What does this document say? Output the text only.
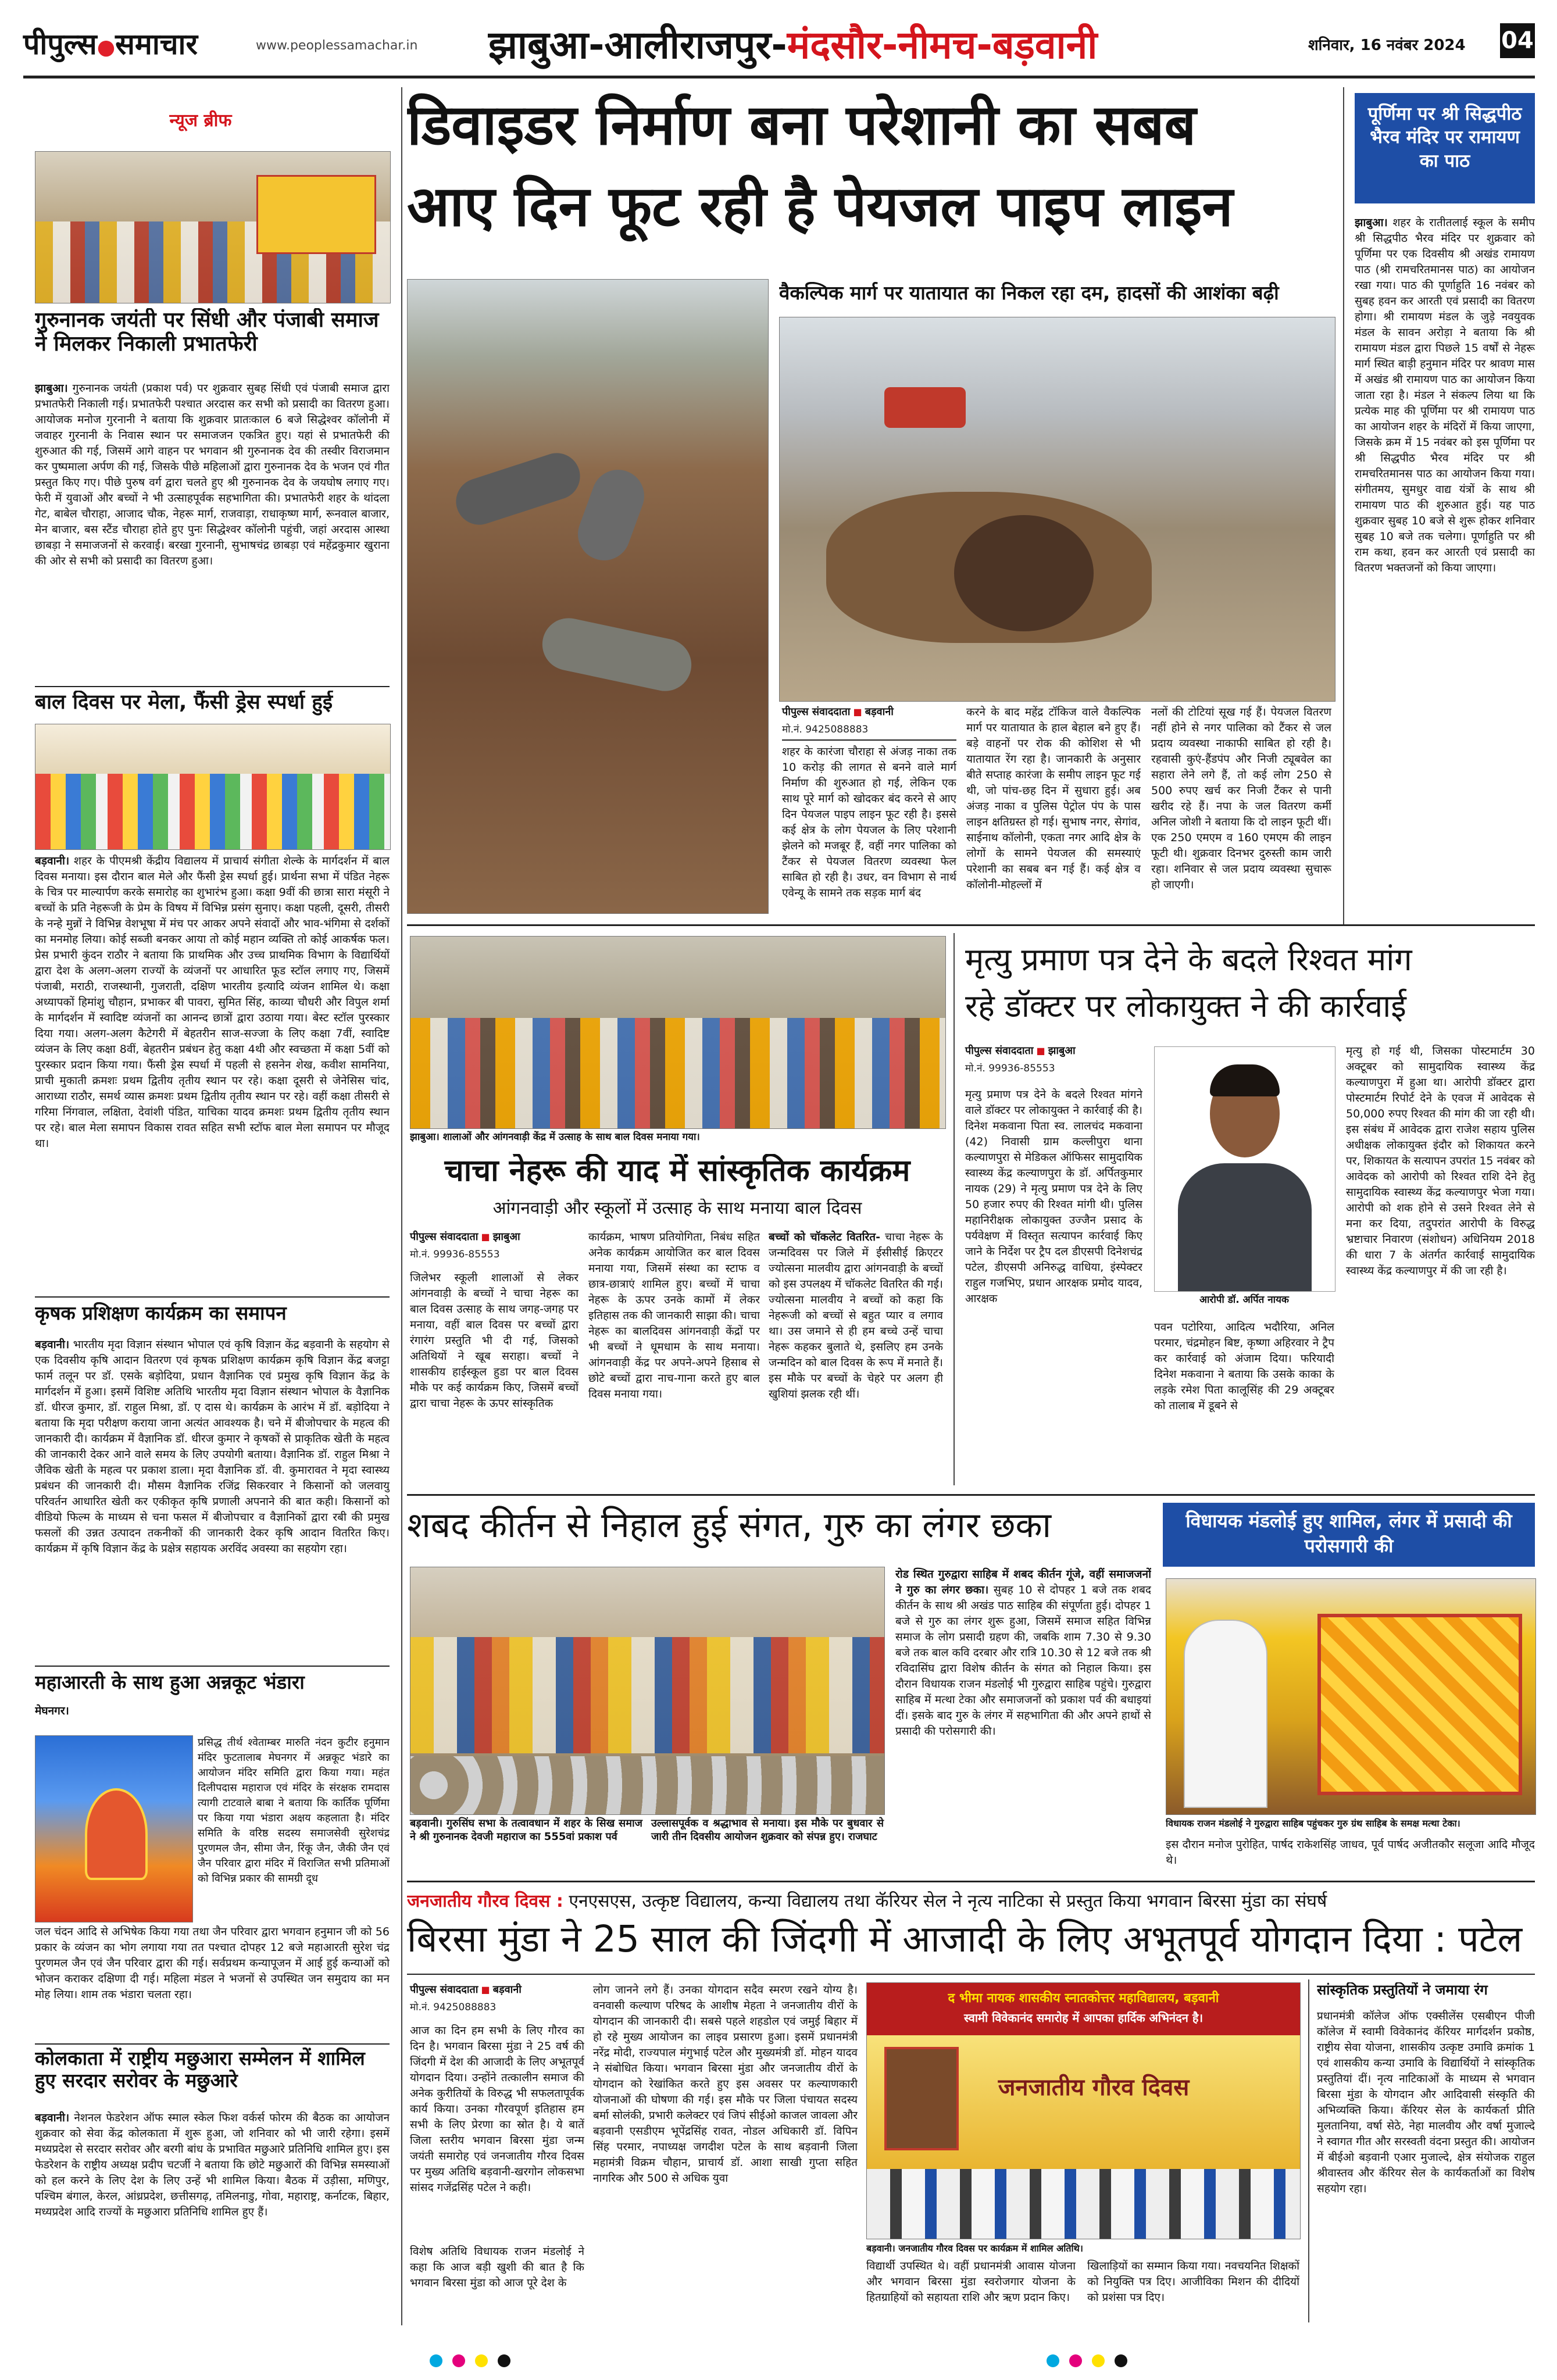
पीपुल्स●समाचार	www.peoplessamachar.in झाबुआ-आलीराजपुर-मंदसौर-नीमच-बड़वानी	शनिवार, 16 नवंबर 2024 04
न्यूज ब्रीफ
गुरुनानक जयंती पर सिंधी और पंजाबी समाज ने मिलकर निकाली प्रभातफेरी
झाबुआ। गुरुनानक जयंती (प्रकाश पर्व) पर शुक्रवार सुबह सिंधी एवं पंजाबी समाज द्वारा प्रभातफेरी निकाली गई। प्रभातफेरी पश्चात अरदास कर सभी को प्रसादी का वितरण हुआ। आयोजक मनोज गुरनानी ने बताया कि शुक्रवार प्रातःकाल 6 बजे सिद्धेश्वर कॉलोनी में जवाहर गुरनानी के निवास स्थान पर समाजजन एकत्रित हुए। यहां से प्रभातफेरी की शुरुआत की गई, जिसमें आगे वाहन पर भगवान श्री गुरुनानक देव की तस्वीर विराजमान कर पुष्पमाला अर्पण की गई, जिसके पीछे महिलाओं द्वारा गुरुनानक देव के भजन एवं गीत प्रस्तुत किए गए। पीछे पुरुष वर्ग द्वारा चलते हुए श्री गुरुनानक देव के जयघोष लगाए गए। फेरी में युवाओं और बच्चों ने भी उत्साहपूर्वक सहभागिता की। प्रभातफेरी शहर के थांदला गेट, बाबेल चौराहा, आजाद चौक, नेहरू मार्ग, राजवाड़ा, राधाकृष्ण मार्ग, रूनवाल बाजार, मेन बाजार, बस स्टैंड चौराहा होते हुए पुनः सिद्धेश्वर कॉलोनी पहुंची, जहां अरदास आस्था छाबड़ा ने समाजजनों से करवाई। बरखा गुरनानी, सुभाषचंद्र छाबड़ा एवं महेंद्रकुमार खुराना की ओर से सभी को प्रसादी का वितरण हुआ।
बाल दिवस पर मेला, फैंसी ड्रेस स्पर्धा हुई
बड़वानी। शहर के पीएमश्री केंद्रीय विद्यालय में प्राचार्य संगीता शेल्के के मार्गदर्शन में बाल दिवस मनाया। इस दौरान बाल मेले और फैंसी ड्रेस स्पर्धा हुई। प्रार्थना सभा में पंडित नेहरू के चित्र पर माल्यार्पण करके समारोह का शुभारंभ हुआ। कक्षा 9वीं की छात्रा सारा मंसूरी ने बच्चों के प्रति नेहरूजी के प्रेम के विषय में विभिन्न प्रसंग सुनाए। कक्षा पहली, दूसरी, तीसरी के नन्हे मुन्नों ने विभिन्न वेशभूषा में मंच पर आकर अपने संवादों और भाव-भंगिमा से दर्शकों का मनमोह लिया। कोई सब्जी बनकर आया तो कोई महान व्यक्ति तो कोई आकर्षक फल। प्रेस प्रभारी कुंदन राठौर ने बताया कि प्राथमिक और उच्च प्राथमिक विभाग के विद्यार्थियों द्वारा देश के अलग-अलग राज्यों के व्यंजनों पर आधारित फूड स्टॉल लगाए गए, जिसमें पंजाबी, मराठी, राजस्थानी, गुजराती, दक्षिण भारतीय इत्यादि व्यंजन शामिल थे। कक्षा अध्यापकों हिमांशु चौहान, प्रभाकर बी पावरा, सुमित सिंह, काव्या चौधरी और विपुल शर्मा के मार्गदर्शन में स्वादिष्ट व्यंजनों का आनन्द छात्रों द्वारा उठाया गया। बेस्ट स्टॉल पुरस्कार दिया गया। अलग-अलग कैटेगरी में बेहतरीन साज-सज्जा के लिए कक्षा 7वीं, स्वादिष्ट व्यंजन के लिए कक्षा 8वीं, बेहतरीन प्रबंधन हेतु कक्षा 4थी और स्वच्छता में कक्षा 5वीं को पुरस्कार प्रदान किया गया। फैंसी ड्रेस स्पर्धा में पहली से हसनेन शेख, कवीश सामनिया, प्राची मुकाती क्रमशः प्रथम द्वितीय तृतीय स्थान पर रहे। कक्षा दूसरी से जेनेसिस चांद, आराध्या राठौर, समर्थ व्यास क्रमशः प्रथम द्वितीय तृतीय स्थान पर रहे। वहीं कक्षा तीसरी से गरिमा निंगवाल, लक्षिता, देवांशी पंडित, याचिका यादव क्रमशः प्रथम द्वितीय तृतीय स्थान पर रहे। बाल मेला समापन विकास रावत सहित सभी स्टॉफ बाल मेला समापन पर मौजूद था।
कृषक प्रशिक्षण कार्यक्रम का समापन
बड़वानी। भारतीय मृदा विज्ञान संस्थान भोपाल एवं कृषि विज्ञान केंद्र बड़वानी के सहयोग से एक दिवसीय कृषि आदान वितरण एवं कृषक प्रशिक्षण कार्यक्रम कृषि विज्ञान केंद्र बजट्टा फार्म तलून पर डॉ. एसके बड़ोदिया, प्रधान वैज्ञानिक एवं प्रमुख कृषि विज्ञान केंद्र के मार्गदर्शन में हुआ। इसमें विशिष्ट अतिथि भारतीय मृदा विज्ञान संस्थान भोपाल के वैज्ञानिक डॉ. धीरज कुमार, डॉ. राहुल मिश्रा, डॉ. ए दास थे। कार्यक्रम के आरंभ में डॉ. बड़ोदिया ने बताया कि मृदा परीक्षण कराया जाना अत्यंत आवश्यक है। चने में बीजोपचार के महत्व की जानकारी दी। कार्यक्रम में वैज्ञानिक डॉ. धीरज कुमार ने कृषकों से प्राकृतिक खेती के महत्व की जानकारी देकर आने वाले समय के लिए उपयोगी बताया। वैज्ञानिक डॉ. राहुल मिश्रा ने जैविक खेती के महत्व पर प्रकाश डाला। मृदा वैज्ञानिक डॉ. वी. कुमारावत ने मृदा स्वास्थ्य प्रबंधन की जानकारी दी। मौसम वैज्ञानिक रजिंद्र सिकरवार ने किसानों को जलवायु परिवर्तन आधारित खेती कर एकीकृत कृषि प्रणाली अपनाने की बात कही। किसानों को वीडियो फिल्म के माध्यम से चना फसल में बीजोपचार व वैज्ञानिकों द्वारा रबी की प्रमुख फसलों की उन्नत उत्पादन तकनीकों की जानकारी देकर कृषि आदान वितरित किए। कार्यक्रम में कृषि विज्ञान केंद्र के प्रक्षेत्र सहायक अरविंद अवस्या का सहयोग रहा।
महाआरती के साथ हुआ अन्नकूट भंडारा
मेघनगर।
प्रसिद्ध तीर्थ श्वेताम्बर मारुति नंदन कुटीर हनुमान मंदिर फुटतालाब मेघनगर में अन्नकूट भंडारे का आयोजन मंदिर समिति द्वारा किया गया। महंत दिलीपदास महाराज एवं मंदिर के संरक्षक रामदास त्यागी टाटवाले बाबा ने बताया कि कार्तिक पूर्णिमा पर किया गया भंडारा अक्षय कहलाता है। मंदिर समिति के वरिष्ठ सदस्य समाजसेवी सुरेशचंद्र पुरणमल जैन, सीमा जैन, रिंकू जैन, जैकी जैन एवं जैन परिवार द्वारा मंदिर में विराजित सभी प्रतिमाओं को विभिन्न प्रकार की सामग्री दूध
जल चंदन आदि से अभिषेक किया गया तथा जैन परिवार द्वारा भगवान हनुमान जी को 56 प्रकार के व्यंजन का भोग लगाया गया तत पश्चात दोपहर 12 बजे महाआरती सुरेश चंद्र पुरणमल जैन एवं जैन परिवार द्वारा की गई। सर्वप्रथम कन्यापूजन में आई हुई कन्याओं को भोजन कराकर दक्षिणा दी गई। महिला मंडल ने भजनों से उपस्थित जन समुदाय का मन मोह लिया। शाम तक भंडारा चलता रहा।
कोलकाता में राष्ट्रीय मछुआरा सम्मेलन में शामिल हुए सरदार सरोवर के मछुआरे
बड़वानी। नेशनल फेडरेशन ऑफ स्माल स्केल फिश वर्कर्स फोरम की बैठक का आयोजन शुक्रवार को सेवा केंद्र कोलकाता में शुरू हुआ, जो शनिवार को भी जारी रहेगा। इसमें मध्यप्रदेश से सरदार सरोवर और बरगी बांध के प्रभावित मछुआरे प्रतिनिधि शामिल हुए। इस फेडरेशन के राष्ट्रीय अध्यक्ष प्रदीप चटर्जी ने बताया कि छोटे मछुआरों की विभिन्न समस्याओं को हल करने के लिए देश के लिए उन्हें भी शामिल किया। बैठक में उड़ीसा, मणिपुर, पश्चिम बंगाल, केरल, आंध्रप्रदेश, छत्तीसगढ़, तमिलनाडु, गोवा, महाराष्ट्र, कर्नाटक, बिहार, मध्यप्रदेश आदि राज्यों के मछुआरा प्रतिनिधि शामिल हुए हैं।
डिवाइडर निर्माण बना परेशानी का सबब
आए दिन फूट रही है पेयजल पाइप लाइन
वैकल्पिक मार्ग पर यातायात का निकल रहा दम, हादसों की आशंका बढ़ी
पीपुल्स संवाददाता ■ बड़वानी
मो.नं. 9425088883
शहर के कारंजा चौराहा से अंजड़ नाका तक 10 करोड़ की लागत से बनने वाले मार्ग निर्माण की शुरुआत हो गई, लेकिन एक साथ पूरे मार्ग को खोदकर बंद करने से आए दिन पेयजल पाइप लाइन फूट रही है। इससे कई क्षेत्र के लोग पेयजल के लिए परेशानी झेलने को मजबूर हैं, वहीं नगर पालिका को टैंकर से पेयजल वितरण व्यवस्था फेल साबित हो रही है। उधर, वन विभाग से नार्थ एवेन्यू के सामने तक सड़क मार्ग बंद
करने के बाद महेंद्र टॉकिज वाले वैकल्पिक मार्ग पर यातायात के हाल बेहाल बने हुए हैं। बड़े वाहनों पर रोक की कोशिश से भी यातायात रेंग रहा है। जानकारी के अनुसार बीते सप्ताह कारंजा के समीप लाइन फूट गई थी, जो पांच-छह दिन में सुधारा हुई। अब अंजड़ नाका व पुलिस पेट्रोल पंप के पास लाइन क्षतिग्रस्त हो गई। सुभाष नगर, सेगांव, साईनाथ कॉलोनी, एकता नगर आदि क्षेत्र के लोगों के सामने पेयजल की समस्याएं परेशानी का सबब बन गई हैं। कई क्षेत्र व कॉलोनी-मोहल्लों में
नलों की टोटियां सूख गई हैं। पेयजल वितरण नहीं होने से नगर पालिका को टैंकर से जल प्रदाय व्यवस्था नाकाफी साबित हो रही है। रहवासी कुएं-हैंडपंप और निजी ट्यूबवेल का सहारा लेने लगे हैं, तो कई लोग 250 से 500 रुपए खर्च कर निजी टैंकर से पानी खरीद रहे हैं। नपा के जल वितरण कर्मी अनिल जोशी ने बताया कि दो लाइन फूटी थीं। एक 250 एमएम व 160 एमएम की लाइन फूटी थी। शुक्रवार दिनभर दुरुस्ती काम जारी रहा। शनिवार से जल प्रदाय व्यवस्था सुचारू हो जाएगी।
पूर्णिमा पर श्री सिद्धपीठ भैरव मंदिर पर रामायण का पाठ
झाबुआ। शहर के रातीतलाई स्कूल के समीप श्री सिद्धपीठ भैरव मंदिर पर शुक्रवार को पूर्णिमा पर एक दिवसीय श्री अखंड रामायण पाठ (श्री रामचरितमानस पाठ) का आयोजन रखा गया। पाठ की पूर्णाहुति 16 नवंबर को सुबह हवन कर आरती एवं प्रसादी का वितरण होगा। श्री रामायण मंडल के जुड़े नवयुवक मंडल के सावन अरोड़ा ने बताया कि श्री रामायण मंडल द्वारा पिछले 15 वर्षों से नेहरू मार्ग स्थित बाड़ी हनुमान मंदिर पर श्रावण मास में अखंड श्री रामायण पाठ का आयोजन किया जाता रहा है। मंडल ने संकल्प लिया था कि प्रत्येक माह की पूर्णिमा पर श्री रामायण पाठ का आयोजन शहर के मंदिरों में किया जाएगा, जिसके क्रम में 15 नवंबर को इस पूर्णिमा पर श्री सिद्धपीठ भैरव मंदिर पर श्री रामचरितमानस पाठ का आयोजन किया गया। संगीतमय, सुमधुर वाद्य यंत्रों के साथ श्री रामायण पाठ की शुरुआत हुई। यह पाठ शुक्रवार सुबह 10 बजे से शुरू होकर शनिवार सुबह 10 बजे तक चलेगा। पूर्णाहुति पर श्री राम कथा, हवन कर आरती एवं प्रसादी का वितरण भक्तजनों को किया जाएगा।
झाबुआ। शालाओं और आंगनवाड़ी केंद्र में उत्साह के साथ बाल दिवस मनाया गया।
चाचा नेहरू की याद में सांस्कृतिक कार्यक्रम
आंगनवाड़ी और स्कूलों में उत्साह के साथ मनाया बाल दिवस
पीपुल्स संवाददाता ■ झाबुआ
मो.नं. 99936-85553
जिलेभर स्कूली शालाओं से लेकर आंगनवाड़ी के बच्चों ने चाचा नेहरू का बाल दिवस उत्साह के साथ जगह-जगह पर मनाया, वहीं बाल दिवस पर बच्चों द्वारा रंगारंग प्रस्तुति भी दी गई, जिसको अतिथियों ने खूब सराहा। बच्चों ने शासकीय हाईस्कूल हुडा पर बाल दिवस मौके पर कई कार्यक्रम किए, जिसमें बच्चों द्वारा चाचा नेहरू के ऊपर सांस्कृतिक
कार्यक्रम, भाषण प्रतियोगिता, निबंध सहित अनेक कार्यक्रम आयोजित कर बाल दिवस मनाया गया, जिसमें संस्था का स्टाफ व छात्र-छात्राएं शामिल हुए। बच्चों में चाचा नेहरू के ऊपर उनके कामों में लेकर इतिहास तक की जानकारी साझा की। चाचा नेहरू का बालदिवस आंगनवाड़ी केंद्रों पर भी बच्चों ने धूमधाम के साथ मनाया। आंगनवाड़ी केंद्र पर अपने-अपने हिसाब से छोटे बच्चों द्वारा नाच-गाना करते हुए बाल दिवस मनाया गया।
बच्चों को चॉकलेट वितरित- चाचा नेहरू के जन्मदिवस पर जिले में ईसीसीई क्रिएटर ज्योत्सना मालवीय द्वारा आंगनवाड़ी के बच्चों को इस उपलक्ष्य में चॉकलेट वितरित की गई। ज्योत्सना मालवीय ने बच्चों को कहा कि नेहरूजी को बच्चों से बहुत प्यार व लगाव था। उस जमाने से ही हम बच्चे उन्हें चाचा नेहरू कहकर बुलाते थे, इसलिए हम उनके जन्मदिन को बाल दिवस के रूप में मनाते हैं। इस मौके पर बच्चों के चेहरे पर अलग ही खुशियां झलक रही थीं।
मृत्यु प्रमाण पत्र देने के बदले रिश्वत मांग
रहे डॉक्टर पर लोकायुक्त ने की कार्रवाई
पीपुल्स संवाददाता ■ झाबुआ
मो.नं. 99936-85553
मृत्यु प्रमाण पत्र देने के बदले रिश्वत मांगने वाले डॉक्टर पर लोकायुक्त ने कार्रवाई की है। दिनेश मकवाना पिता स्व. लालचंद मकवाना (42) निवासी ग्राम कल्लीपुरा थाना कल्याणपुरा से मेडिकल ऑफिसर सामुदायिक स्वास्थ्य केंद्र कल्याणपुरा के डॉ. अर्पितकुमार नायक (29) ने मृत्यु प्रमाण पत्र देने के लिए 50 हजार रुपए की रिश्वत मांगी थी। पुलिस महानिरीक्षक लोकायुक्त उज्जैन प्रसाद के पर्यवेक्षण में विस्तृत सत्यापन कार्रवाई किए जाने के निर्देश पर ट्रैप दल डीएसपी दिनेशचंद्र पटेल, डीएसपी अनिरुद्ध वाधिया, इंस्पेक्टर राहुल गजभिए, प्रधान आरक्षक प्रमोद यादव, आरक्षक	आरोपी डॉ. अर्पित नायक
पवन पटोरिया, आदित्य भदौरिया, अनिल परमार, चंद्रमोहन बिष्ट, कृष्णा अहिरवार ने ट्रैप कर कार्रवाई को अंजाम दिया। फरियादी दिनेश मकवाना ने बताया कि उसके काका के लड़के रमेश पिता कालूसिंह की 29 अक्टूबर को तालाब में डूबने से
मृत्यु हो गई थी, जिसका पोस्टमार्टम 30 अक्टूबर को सामुदायिक स्वास्थ्य केंद्र कल्याणपुरा में हुआ था। आरोपी डॉक्टर द्वारा पोस्टमार्टम रिपोर्ट देने के एवज में आवेदक से 50,000 रुपए रिश्वत की मांग की जा रही थी। इस संबंध में आवेदक द्वारा राजेश सहाय पुलिस अधीक्षक लोकायुक्त इंदौर को शिकायत करने पर, शिकायत के सत्यापन उपरांत 15 नवंबर को आवेदक को आरोपी को रिश्वत राशि देने हेतु सामुदायिक स्वास्थ्य केंद्र कल्याणपुर भेजा गया। आरोपी को शक होने से उसने रिश्वत लेने से मना कर दिया, तदुपरांत आरोपी के विरुद्ध भ्रष्टाचार निवारण (संशोधन) अधिनियम 2018 की धारा 7 के अंतर्गत कार्रवाई सामुदायिक स्वास्थ्य केंद्र कल्याणपुर में की जा रही है।
शबद कीर्तन से निहाल हुई संगत, गुरु का लंगर छका	विधायक मंडलोई हुए शामिल, लंगर में प्रसादी की परोसगारी की
बड़वानी। गुरुसिंघ सभा के तत्वावधान में शहर के सिख समाज ने श्री गुरुनानक देवजी महाराज का 555वां प्रकाश पर्व
उल्लासपूर्वक व श्रद्धाभाव से मनाया। इस मौके पर बुधवार से जारी तीन दिवसीय आयोजन शुक्रवार को संपन्न हुए। राजघाट
रोड स्थित गुरुद्वारा साहिब में शबद कीर्तन गूंजे, वहीं समाजजनों ने गुरु का लंगर छका। सुबह 10 से दोपहर 1 बजे तक शबद कीर्तन के साथ श्री अखंड पाठ साहिब की संपूर्णता हुई। दोपहर 1 बजे से गुरु का लंगर शुरू हुआ, जिसमें समाज सहित विभिन्न समाज के लोग प्रसादी ग्रहण की, जबकि शाम 7.30 से 9.30 बजे तक बाल कवि दरबार और रात्रि 10.30 से 12 बजे तक श्री रविदासिंघ द्वारा विशेष कीर्तन के संगत को निहाल किया। इस दौरान विधायक राजन मंडलोई भी गुरुद्वारा साहिब पहुंचे। गुरुद्वारा साहिब में मत्था टेका और समाजजनों को प्रकाश पर्व की बधाइयां दीं। इसके बाद गुरु के लंगर में सहभागिता की और अपने हाथों से प्रसादी की परोसगारी की।
विधायक राजन मंडलोई ने गुरुद्वारा साहिब पहुंचकर गुरु ग्रंथ साहिब के समक्ष मत्था टेका।
इस दौरान मनोज पुरोहित, पार्षद राकेशसिंह जाधव, पूर्व पार्षद अजीतकौर सलूजा आदि मौजूद थे।
जनजातीय गौरव दिवस : एनएसएस, उत्कृष्ट विद्यालय, कन्या विद्यालय तथा कॅरियर सेल ने नृत्य नाटिका से प्रस्तुत किया भगवान बिरसा मुंडा का संघर्ष
बिरसा मुंडा ने 25 साल की जिंदगी में आजादी के लिए अभूतपूर्व योगदान दिया : पटेल
पीपुल्स संवाददाता ■ बड़वानी
मो.नं. 9425088883
आज का दिन हम सभी के लिए गौरव का दिन है। भगवान बिरसा मुंडा ने 25 वर्ष की जिंदगी में देश की आजादी के लिए अभूतपूर्व योगदान दिया। उन्होंने तत्कालीन समाज की अनेक कुरीतियों के विरुद्ध भी सफलतापूर्वक कार्य किया। उनका गौरवपूर्ण इतिहास हम सभी के लिए प्रेरणा का स्रोत है। ये बातें जिला स्तरीय भगवान बिरसा मुंडा जन्म जयंती समारोह एवं जनजातीय गौरव दिवस पर मुख्य अतिथि बड़वानी-खरगोन लोकसभा सांसद गजेंद्रसिंह पटेल ने कही।
विशेष अतिथि विधायक राजन मंडलोई ने कहा कि आज बड़ी खुशी की बात है कि भगवान बिरसा मुंडा को आज पूरे देश के
लोग जानने लगे हैं। उनका योगदान सदैव स्मरण रखने योग्य है। वनवासी कल्याण परिषद के आशीष मेहता ने जनजातीय वीरों के योगदान की जानकारी दी। सबसे पहले शहडोल एवं जमुई बिहार में हो रहे मुख्य आयोजन का लाइव प्रसारण हुआ। इसमें प्रधानमंत्री नरेंद्र मोदी, राज्यपाल मंगुभाई पटेल और मुख्यमंत्री डॉ. मोहन यादव ने संबोधित किया। भगवान बिरसा मुंडा और जनजातीय वीरों के योगदान को रेखांकित करते हुए इस अवसर पर कल्याणकारी योजनाओं की घोषणा की गई। इस मौके पर जिला पंचायत सदस्य बर्मा सोलंकी, प्रभारी कलेक्टर एवं जिपं सीईओ काजल जावला और बड़वानी एसडीएम भूपेंद्रसिंह रावत, नोडल अधिकारी डॉ. विपिन सिंह परमार, नपाध्यक्ष जगदीश पटेल के साथ बड़वानी जिला महामंत्री विक्रम चौहान, प्राचार्य डॉ. आशा साखी गुप्ता सहित नागरिक और 500 से अधिक युवा
द भीमा नायक शासकीय स्नातकोत्तर महाविद्यालय, बड़वानी
स्वामी विवेकानंद समारोह में आपका हार्दिक अभिनंदन है।
जनजातीय गौरव दिवस
बड़वानी। जनजातीय गौरव दिवस पर कार्यक्रम में शामिल अतिथि।
विद्यार्थी उपस्थित थे। वहीं प्रधानमंत्री आवास योजना और भगवान बिरसा मुंडा स्वरोजगार योजना के हितग्राहियों को सहायता राशि और ऋण प्रदान किए।
खिलाड़ियों का सम्मान किया गया। नवचयनित शिक्षकों को नियुक्ति पत्र दिए। आजीविका मिशन की दीदियों को प्रशंसा पत्र दिए।
सांस्कृतिक प्रस्तुतियों ने जमाया रंग
प्रधानमंत्री कॉलेज ऑफ एक्सीलेंस एसबीएन पीजी कॉलेज में स्वामी विवेकानंद कॅरियर मार्गदर्शन प्रकोष्ठ, राष्ट्रीय सेवा योजना, शासकीय उत्कृष्ट उमावि क्रमांक 1 एवं शासकीय कन्या उमावि के विद्यार्थियों ने सांस्कृतिक प्रस्तुतियां दीं। नृत्य नाटिकाओं के माध्यम से भगवान बिरसा मुंडा के योगदान और आदिवासी संस्कृति की अभिव्यक्ति किया। कॅरियर सेल के कार्यकर्ता प्रीति मुलतानिया, वर्षा सेठे, नेहा मालवीय और वर्षा मुजाल्दे ने स्वागत गीत और सरस्वती वंदना प्रस्तुत की। आयोजन में बीईओ बड़वानी एआर मुजाल्दे, क्षेत्र संयोजक राहुल श्रीवास्तव और कॅरियर सेल के कार्यकर्ताओं का विशेष सहयोग रहा।
